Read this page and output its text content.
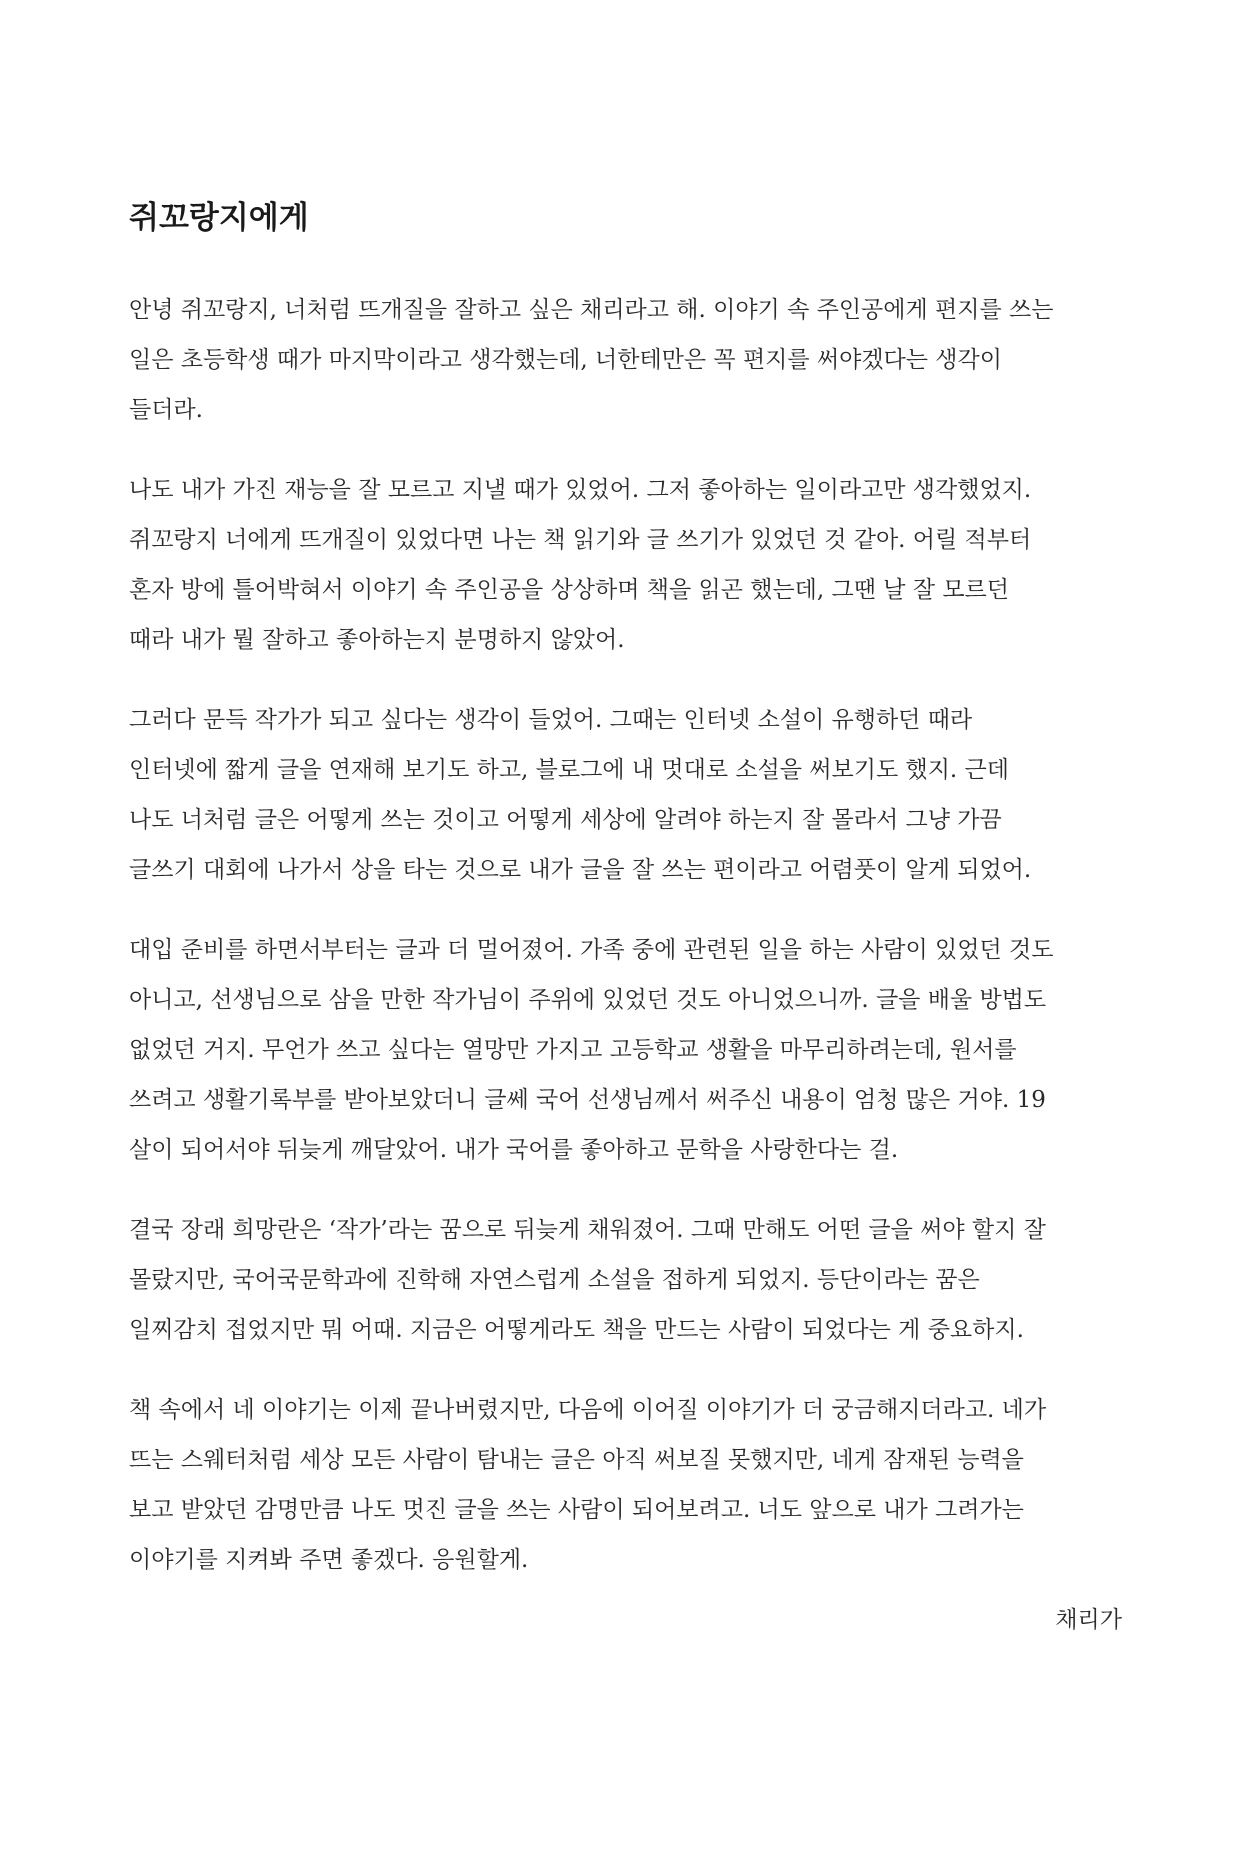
쥐꼬랑지에게
안녕 쥐꼬랑지, 너처럼 뜨개질을 잘하고 싶은 채리라고 해. 이야기 속 주인공에게 편지를 쓰는
일은 초등학생 때가 마지막이라고 생각했는데, 너한테만은 꼭 편지를 써야겠다는 생각이
들더라.
나도 내가 가진 재능을 잘 모르고 지낼 때가 있었어. 그저 좋아하는 일이라고만 생각했었지.
쥐꼬랑지 너에게 뜨개질이 있었다면 나는 책 읽기와 글 쓰기가 있었던 것 같아. 어릴 적부터
혼자 방에 틀어박혀서 이야기 속 주인공을 상상하며 책을 읽곤 했는데, 그땐 날 잘 모르던
때라 내가 뭘 잘하고 좋아하는지 분명하지 않았어.
그러다 문득 작가가 되고 싶다는 생각이 들었어. 그때는 인터넷 소설이 유행하던 때라
인터넷에 짧게 글을 연재해 보기도 하고, 블로그에 내 멋대로 소설을 써보기도 했지. 근데
나도 너처럼 글은 어떻게 쓰는 것이고 어떻게 세상에 알려야 하는지 잘 몰라서 그냥 가끔
글쓰기 대회에 나가서 상을 타는 것으로 내가 글을 잘 쓰는 편이라고 어렴풋이 알게 되었어.
대입 준비를 하면서부터는 글과 더 멀어졌어. 가족 중에 관련된 일을 하는 사람이 있었던 것도
아니고, 선생님으로 삼을 만한 작가님이 주위에 있었던 것도 아니었으니까. 글을 배울 방법도
없었던 거지. 무언가 쓰고 싶다는 열망만 가지고 고등학교 생활을 마무리하려는데, 원서를
쓰려고 생활기록부를 받아보았더니 글쎄 국어 선생님께서 써주신 내용이 엄청 많은 거야. 19
살이 되어서야 뒤늦게 깨달았어. 내가 국어를 좋아하고 문학을 사랑한다는 걸.
결국 장래 희망란은 ‘작가’라는 꿈으로 뒤늦게 채워졌어. 그때 만해도 어떤 글을 써야 할지 잘
몰랐지만, 국어국문학과에 진학해 자연스럽게 소설을 접하게 되었지. 등단이라는 꿈은
일찌감치 접었지만 뭐 어때. 지금은 어떻게라도 책을 만드는 사람이 되었다는 게 중요하지.
책 속에서 네 이야기는 이제 끝나버렸지만, 다음에 이어질 이야기가 더 궁금해지더라고. 네가
뜨는 스웨터처럼 세상 모든 사람이 탐내는 글은 아직 써보질 못했지만, 네게 잠재된 능력을
보고 받았던 감명만큼 나도 멋진 글을 쓰는 사람이 되어보려고. 너도 앞으로 내가 그려가는
이야기를 지켜봐 주면 좋겠다. 응원할게.

채리가
